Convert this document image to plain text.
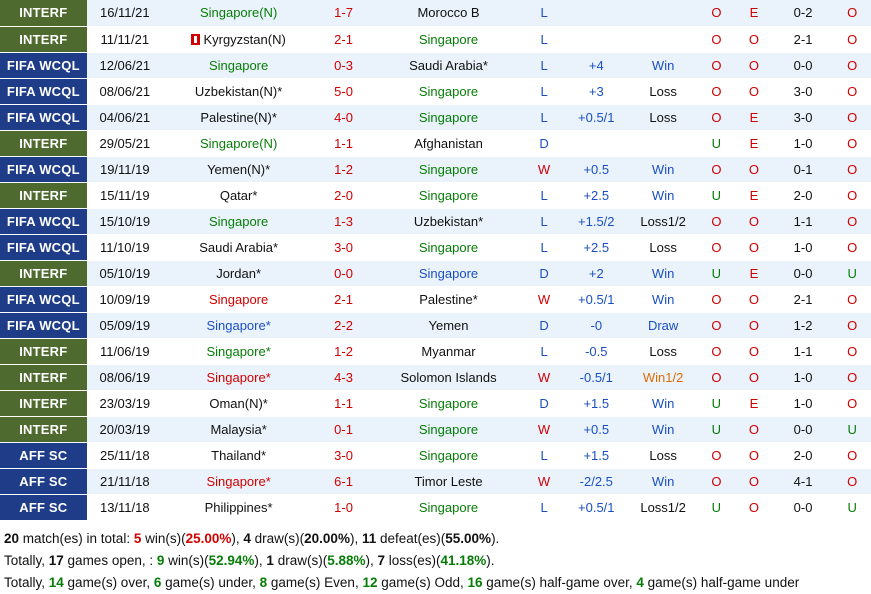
INTERF	16/11/21	Singapore(N)	1-7	Morocco B	L			O	E	0-2	O
INTERF	11/11/21	Kyrgyzstan(N)	2-1	Singapore	L			O	O	2-1	O
FIFA WCQL	12/06/21	Singapore	0-3	Saudi Arabia*	L	+4	Win	O	O	0-0	O
FIFA WCQL	08/06/21	Uzbekistan(N)*	5-0	Singapore	L	+3	Loss	O	O	3-0	O
FIFA WCQL	04/06/21	Palestine(N)*	4-0	Singapore	L	+0.5/1	Loss	O	E	3-0	O
INTERF	29/05/21	Singapore(N)	1-1	Afghanistan	D			U	E	1-0	O
FIFA WCQL	19/11/19	Yemen(N)*	1-2	Singapore	W	+0.5	Win	O	O	0-1	O
INTERF	15/11/19	Qatar*	2-0	Singapore	L	+2.5	Win	U	E	2-0	O
FIFA WCQL	15/10/19	Singapore	1-3	Uzbekistan*	L	+1.5/2	Loss1/2	O	O	1-1	O
FIFA WCQL	11/10/19	Saudi Arabia*	3-0	Singapore	L	+2.5	Loss	O	O	1-0	O
INTERF	05/10/19	Jordan*	0-0	Singapore	D	+2	Win	U	E	0-0	U
FIFA WCQL	10/09/19	Singapore	2-1	Palestine*	W	+0.5/1	Win	O	O	2-1	O
FIFA WCQL	05/09/19	Singapore*	2-2	Yemen	D	-0	Draw	O	O	1-2	O
INTERF	11/06/19	Singapore*	1-2	Myanmar	L	-0.5	Loss	O	O	1-1	O
INTERF	08/06/19	Singapore*	4-3	Solomon Islands	W	-0.5/1	Win1/2	O	O	1-0	O
INTERF	23/03/19	Oman(N)*	1-1	Singapore	D	+1.5	Win	U	E	1-0	O
INTERF	20/03/19	Malaysia*	0-1	Singapore	W	+0.5	Win	U	O	0-0	U
AFF SC	25/11/18	Thailand*	3-0	Singapore	L	+1.5	Loss	O	O	2-0	O
AFF SC	21/11/18	Singapore*	6-1	Timor Leste	W	-2/2.5	Win	O	O	4-1	O
AFF SC	13/11/18	Philippines*	1-0	Singapore	L	+0.5/1	Loss1/2	U	O	0-0	U
20 match(es) in total: 5 win(s)(25.00%), 4 draw(s)(20.00%), 11 defeat(es)(55.00%).
Totally, 17 games open, : 9 win(s)(52.94%), 1 draw(s)(5.88%), 7 loss(es)(41.18%).
Totally, 14 game(s) over, 6 game(s) under, 8 game(s) Even, 12 game(s) Odd, 16 game(s) half-game over, 4 game(s) half-game under
